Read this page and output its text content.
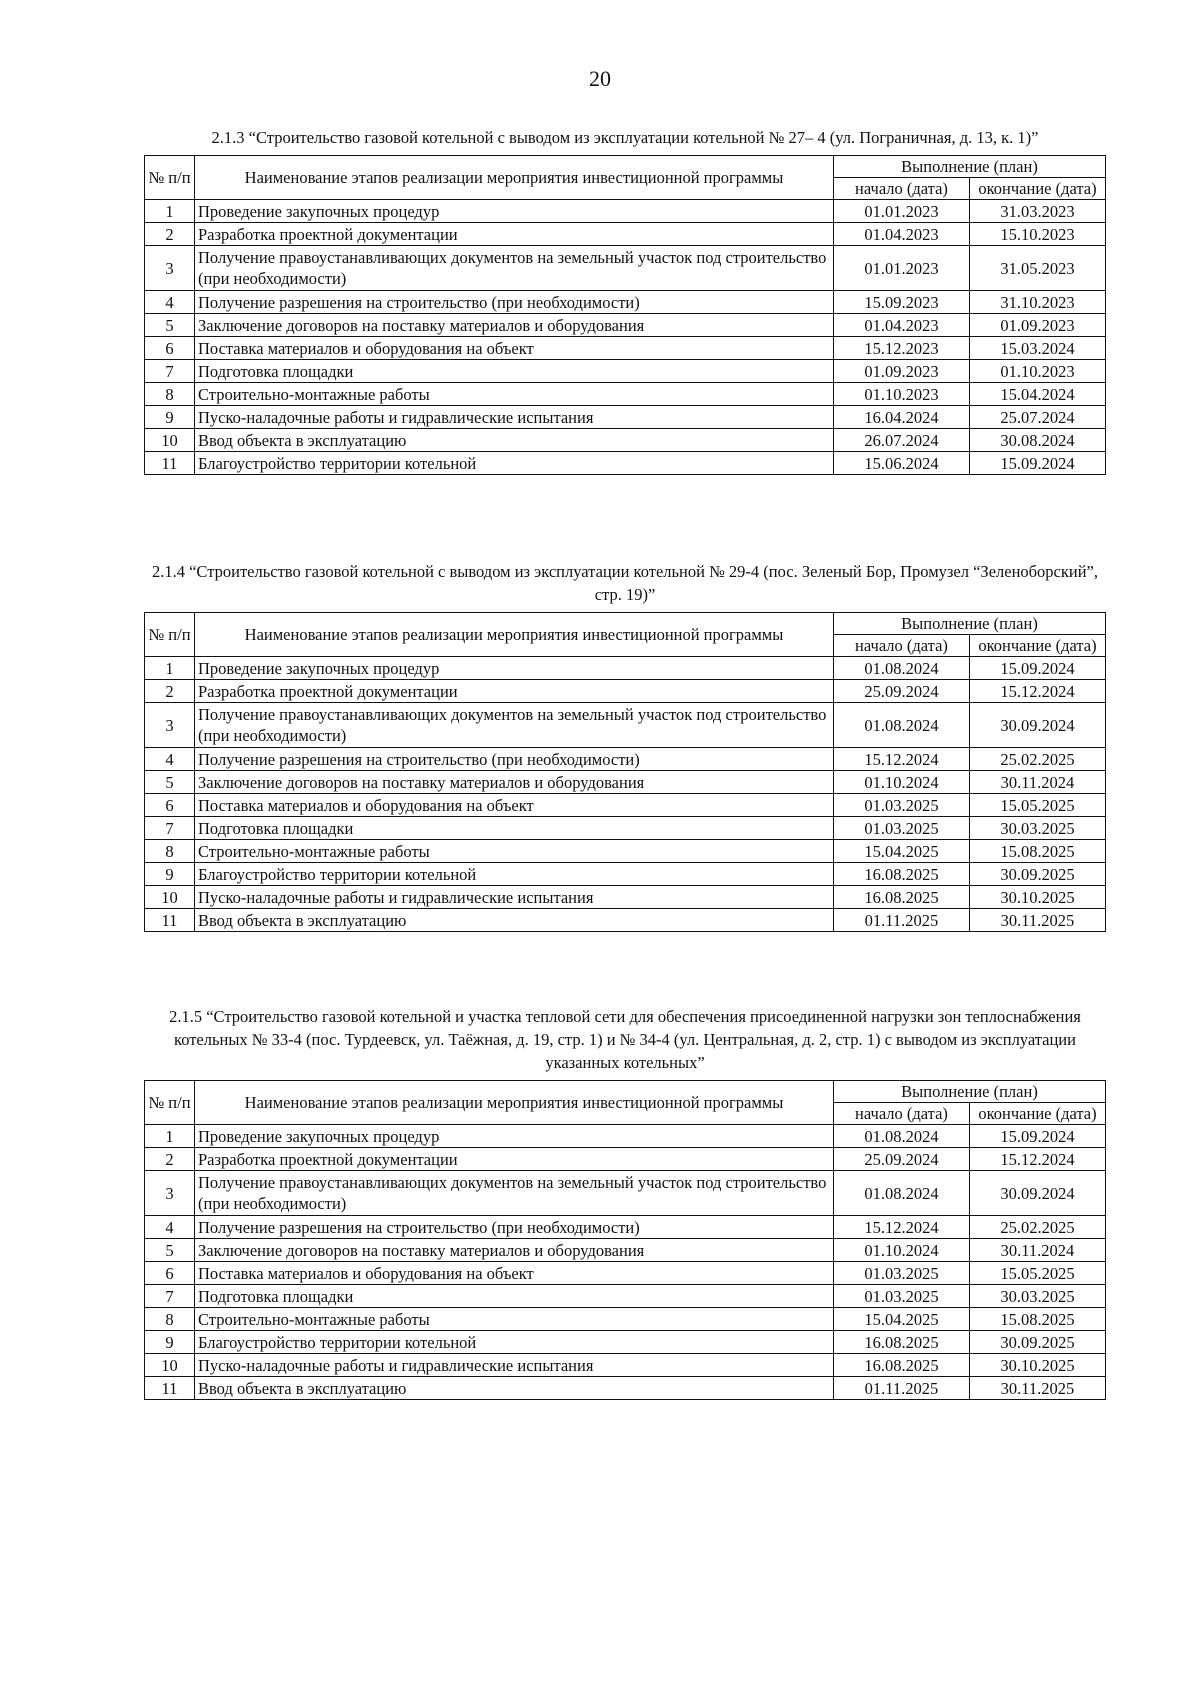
20

2.1.3 “Строительство газовой котельной с выводом из эксплуатации котельной № 27– 4 (ул. Пограничная, д. 13, к. 1)”

№ п/п	Наименование этапов реализации мероприятия инвестиционной программы	Выполнение (план)	
		начало (дата)	окончание (дата)

1	Проведение закупочных процедур	01.01.2023	31.03.2023
2	Разработка проектной документации	01.04.2023	15.10.2023
3	Получение правоустанавливающих документов на земельный участок под строительство (при необходимости)	01.01.2023	31.05.2023
4	Получение разрешения на строительство (при необходимости)	15.09.2023	31.10.2023
5	Заключение договоров на поставку материалов и оборудования	01.04.2023	01.09.2023
6	Поставка материалов и оборудования на объект	15.12.2023	15.03.2024
7	Подготовка площадки	01.09.2023	01.10.2023
8	Строительно-монтажные работы	01.10.2023	15.04.2024
9	Пуско-наладочные работы и гидравлические испытания	16.04.2024	25.07.2024
10	Ввод объекта в эксплуатацию	26.07.2024	30.08.2024
11	Благоустройство территории котельной	15.06.2024	15.09.2024

2.1.4 “Строительство газовой котельной с выводом из эксплуатации котельной № 29-4 (пос. Зеленый Бор, Промузел “Зеленоборский”, стр. 19)”

№ п/п	Наименование этапов реализации мероприятия инвестиционной программы	Выполнение (план)	
		начало (дата)	окончание (дата)

1	Проведение закупочных процедур	01.08.2024	15.09.2024
2	Разработка проектной документации	25.09.2024	15.12.2024
3	Получение правоустанавливающих документов на земельный участок под строительство (при необходимости)	01.08.2024	30.09.2024
4	Получение разрешения на строительство (при необходимости)	15.12.2024	25.02.2025
5	Заключение договоров на поставку материалов и оборудования	01.10.2024	30.11.2024
6	Поставка материалов и оборудования на объект	01.03.2025	15.05.2025
7	Подготовка площадки	01.03.2025	30.03.2025
8	Строительно-монтажные работы	15.04.2025	15.08.2025
9	Благоустройство территории котельной	16.08.2025	30.09.2025
10	Пуско-наладочные работы и гидравлические испытания	16.08.2025	30.10.2025
11	Ввод объекта в эксплуатацию	01.11.2025	30.11.2025

2.1.5 “Строительство газовой котельной и участка тепловой сети для обеспечения присоединенной нагрузки зон теплоснабжения котельных № 33-4 (пос. Турдеевск, ул. Таёжная, д. 19, стр. 1) и № 34-4 (ул. Центральная, д. 2, стр. 1) с выводом из эксплуатации указанных котельных”

№ п/п	Наименование этапов реализации мероприятия инвестиционной программы	Выполнение (план)	
		начало (дата)	окончание (дата)

1	Проведение закупочных процедур	01.08.2024	15.09.2024
2	Разработка проектной документации	25.09.2024	15.12.2024
3	Получение правоустанавливающих документов на земельный участок под строительство (при необходимости)	01.08.2024	30.09.2024
4	Получение разрешения на строительство (при необходимости)	15.12.2024	25.02.2025
5	Заключение договоров на поставку материалов и оборудования	01.10.2024	30.11.2024
6	Поставка материалов и оборудования на объект	01.03.2025	15.05.2025
7	Подготовка площадки	01.03.2025	30.03.2025
8	Строительно-монтажные работы	15.04.2025	15.08.2025
9	Благоустройство территории котельной	16.08.2025	30.09.2025
10	Пуско-наладочные работы и гидравлические испытания	16.08.2025	30.10.2025
11	Ввод объекта в эксплуатацию	01.11.2025	30.11.2025
